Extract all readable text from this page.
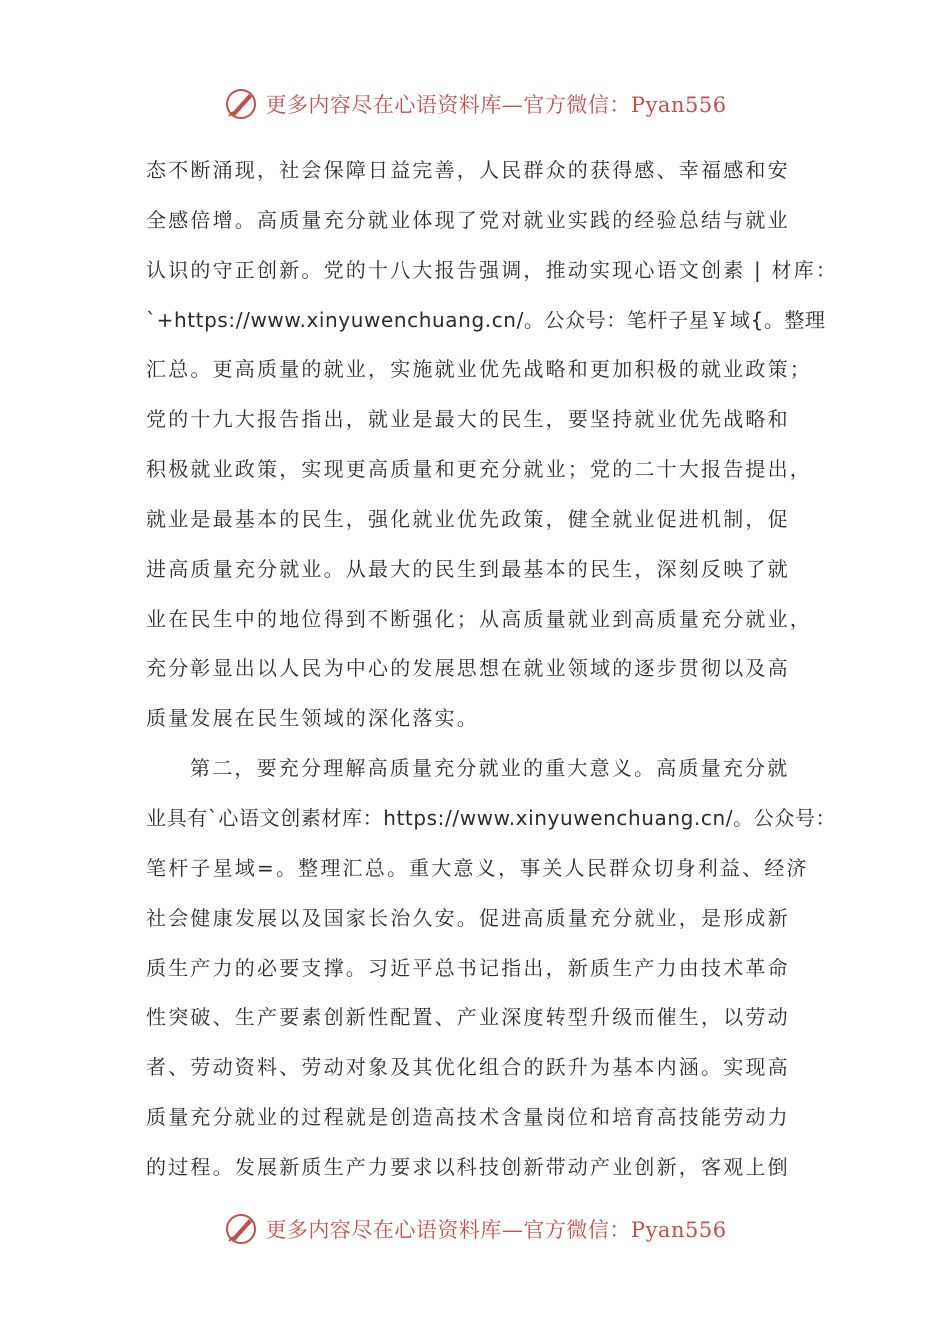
更多内容尽在心语资料库—官方微信：Pyan556
态不断涌现，社会保障日益完善，人民群众的获得感、幸福感和安
全感倍增。高质量充分就业体现了党对就业实践的经验总结与就业
认识的守正创新。党的十八大报告强调，推动实现心语文创素 | 材库：
`+https://www.xinyuwenchuang.cn/。公众号：笔杆子星￥域{。整理
汇总。更高质量的就业，实施就业优先战略和更加积极的就业政策；
党的十九大报告指出，就业是最大的民生，要坚持就业优先战略和
积极就业政策，实现更高质量和更充分就业；党的二十大报告提出，
就业是最基本的民生，强化就业优先政策，健全就业促进机制，促
进高质量充分就业。从最大的民生到最基本的民生，深刻反映了就
业在民生中的地位得到不断强化；从高质量就业到高质量充分就业，
充分彰显出以人民为中心的发展思想在就业领域的逐步贯彻以及高
质量发展在民生领域的深化落实。
第二，要充分理解高质量充分就业的重大意义。高质量充分就
业具有`心语文创素材库：https://www.xinyuwenchuang.cn/。公众号：
笔杆子星域=。整理汇总。重大意义，事关人民群众切身利益、经济
社会健康发展以及国家长治久安。促进高质量充分就业，是形成新
质生产力的必要支撑。习近平总书记指出，新质生产力由技术革命
性突破、生产要素创新性配置、产业深度转型升级而催生，以劳动
者、劳动资料、劳动对象及其优化组合的跃升为基本内涵。实现高
质量充分就业的过程就是创造高技术含量岗位和培育高技能劳动力
的过程。发展新质生产力要求以科技创新带动产业创新，客观上倒
更多内容尽在心语资料库—官方微信：Pyan556
